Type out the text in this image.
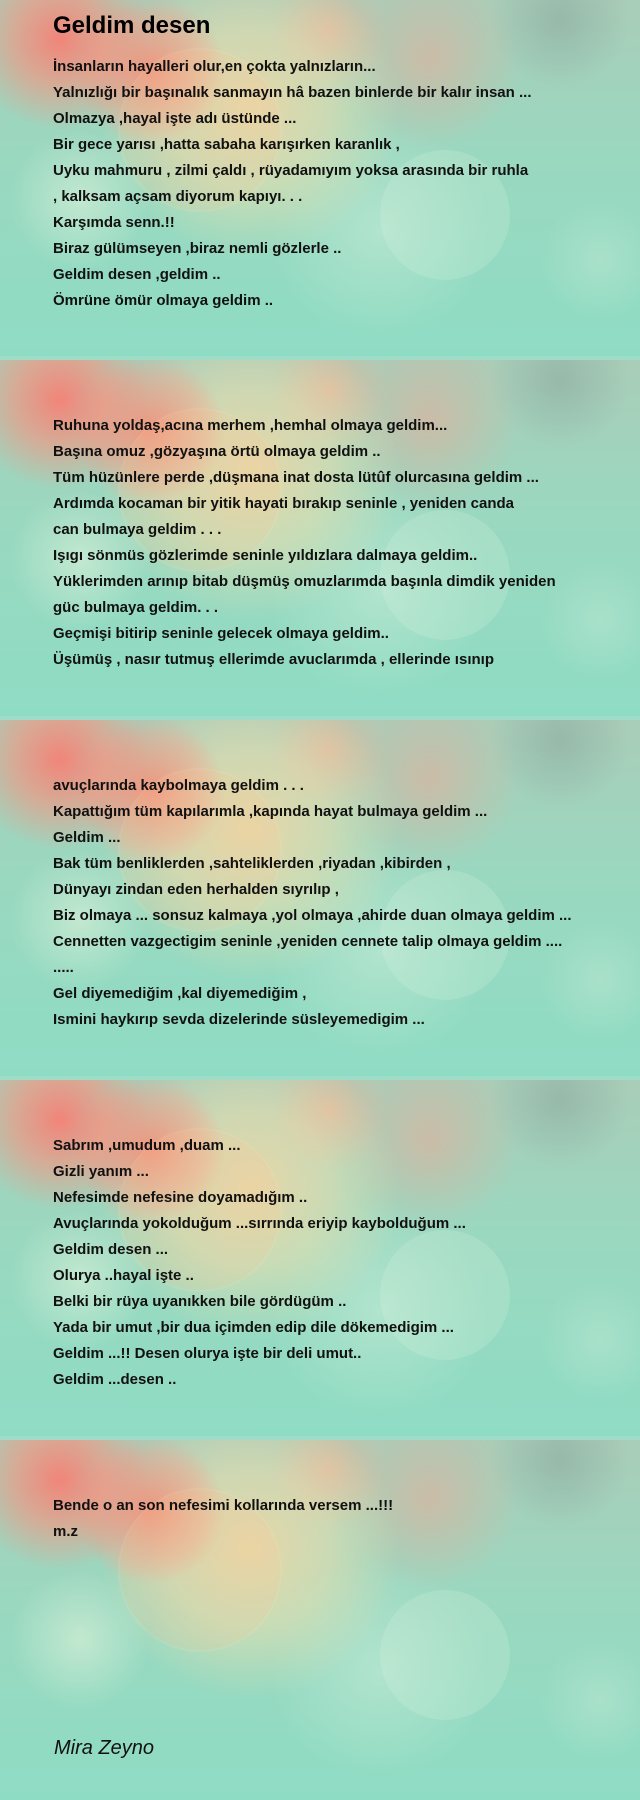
Geldim desen
İnsanların hayalleri olur,en çokta yalnızların...
Yalnızlığı bir başınalık sanmayın hâ bazen binlerde bir kalır insan ...
Olmazya ,hayal işte adı üstünde ...
Bir gece yarısı ,hatta sabaha karışırken karanlık ,
Uyku mahmuru , zilmi çaldı , rüyadamıyım yoksa arasında bir ruhla
, kalksam açsam diyorum kapıyı. . .
Karşımda senn.!!
Biraz gülümseyen ,biraz nemli gözlerle ..
Geldim desen ,geldim ..
Ömrüne ömür olmaya geldim ..
Ruhuna yoldaş,acına merhem ,hemhal olmaya geldim...
Başına omuz ,gözyaşına örtü olmaya geldim ..
Tüm hüzünlere perde ,düşmana inat dosta lütûf olurcasına geldim ...
Ardımda kocaman bir yitik hayati bırakıp seninle , yeniden canda
can bulmaya geldim . . .
Işıgı sönmüs gözlerimde seninle yıldızlara dalmaya geldim..
Yüklerimden arınıp bitab düşmüş omuzlarımda başınla dimdik yeniden
güc bulmaya geldim. . .
Geçmişi bitirip seninle gelecek olmaya geldim..
Üşümüş , nasır tutmuş ellerimde avuclarımda , ellerinde ısınıp
avuçlarında kaybolmaya geldim . . .
Kapattığım tüm kapılarımla ,kapında hayat bulmaya geldim ...
Geldim ...
Bak tüm benliklerden ,sahteliklerden ,riyadan ,kibirden ,
Dünyayı zindan eden herhalden sıyrılıp ,
Biz olmaya ... sonsuz kalmaya ,yol olmaya ,ahirde duan olmaya geldim ...
Cennetten vazgectigim seninle ,yeniden cennete talip olmaya geldim ....
.....
Gel diyemediğim ,kal diyemediğim ,
Ismini haykırıp sevda dizelerinde süsleyemedigim ...
Sabrım ,umudum ,duam ...
Gizli yanım ...
Nefesimde nefesine doyamadığım ..
Avuçlarında yokolduğum ...sırrında eriyip kaybolduğum ...
Geldim desen ...
Olurya ..hayal işte ..
Belki bir rüya uyanıkken bile gördügüm ..
Yada bir umut ,bir dua içimden edip dile dökemedigim ...
Geldim ...!! Desen olurya işte bir deli umut..
Geldim ...desen ..
Bende o an son nefesimi kollarında versem ...!!!
m.z
Mira Zeyno
